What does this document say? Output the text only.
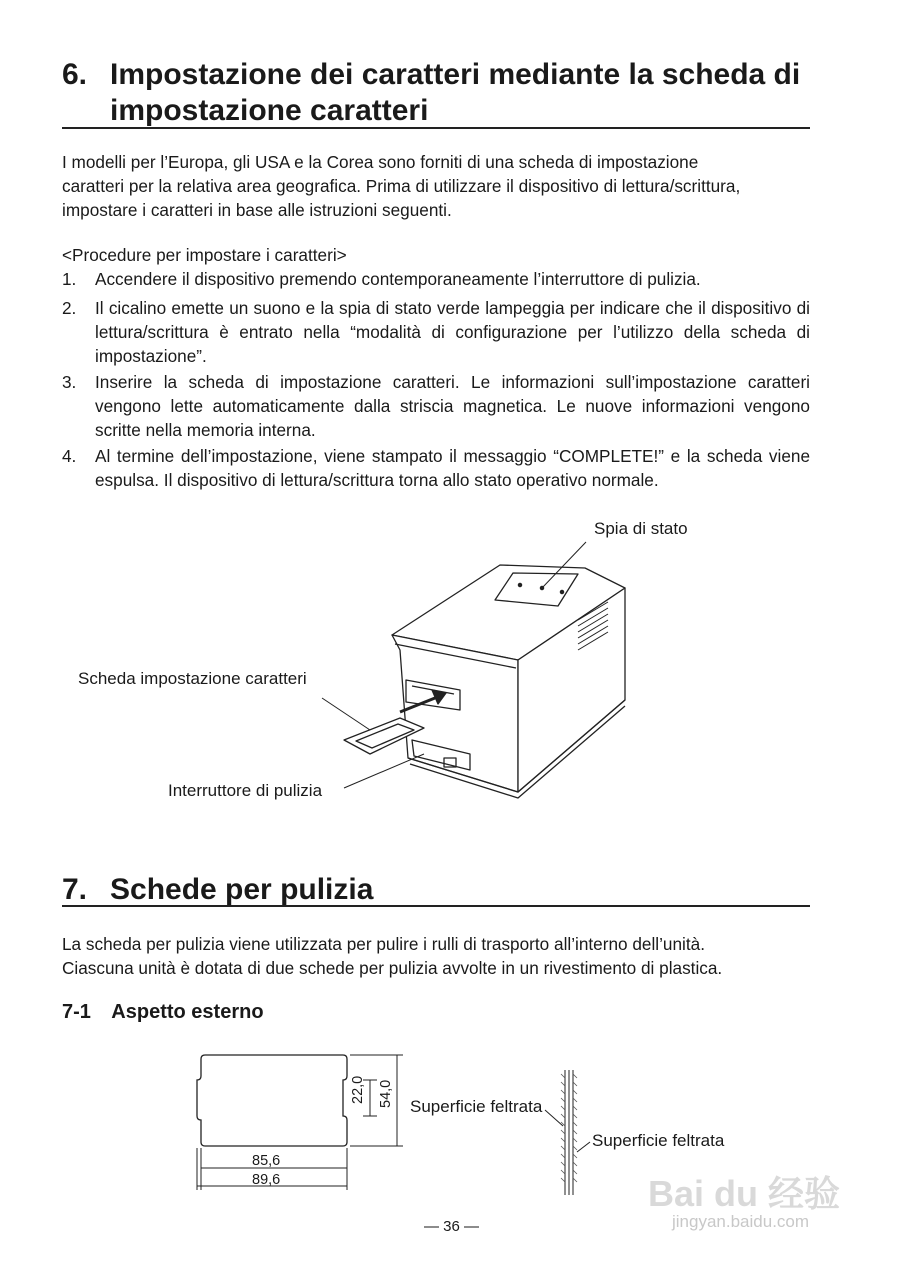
6. Impostazione dei caratteri mediante la scheda di
impostazione caratteri
I modelli per l’Europa, gli USA e la Corea sono forniti di una scheda di impostazione
caratteri per la relativa area geografica. Prima di utilizzare il dispositivo di lettura/scrittura,
impostare i caratteri in base alle istruzioni seguenti.
<Procedure per impostare i caratteri>
1. Accendere il dispositivo premendo contemporaneamente l’interruttore di pulizia.
2. Il cicalino emette un suono e la spia di stato verde lampeggia per indicare che il dispositivo di lettura/scrittura è entrato nella “modalità di configurazione per l’utilizzo della scheda di impostazione”.
3. Inserire la scheda di impostazione caratteri. Le informazioni sull’impostazione caratteri vengono lette automaticamente dalla striscia magnetica. Le nuove informazioni vengono scritte nella memoria interna.
4. Al termine dell’impostazione, viene stampato il messaggio “COMPLETE!” e la scheda viene espulsa. Il dispositivo di lettura/scrittura torna allo stato operativo normale.
Spia di stato
Scheda impostazione caratteri
Interruttore di pulizia
7. Schede per pulizia
La scheda per pulizia viene utilizzata per pulire i rulli di trasporto all’interno dell’unità.
Ciascuna unità è dotata di due schede per pulizia avvolte in un rivestimento di plastica.
7-1 Aspetto esterno
85,6
89,6
22,0 54,0 Superficie feltrata
Superficie feltrata
— 36 —
Bai du 经验
jingyan.baidu.com
